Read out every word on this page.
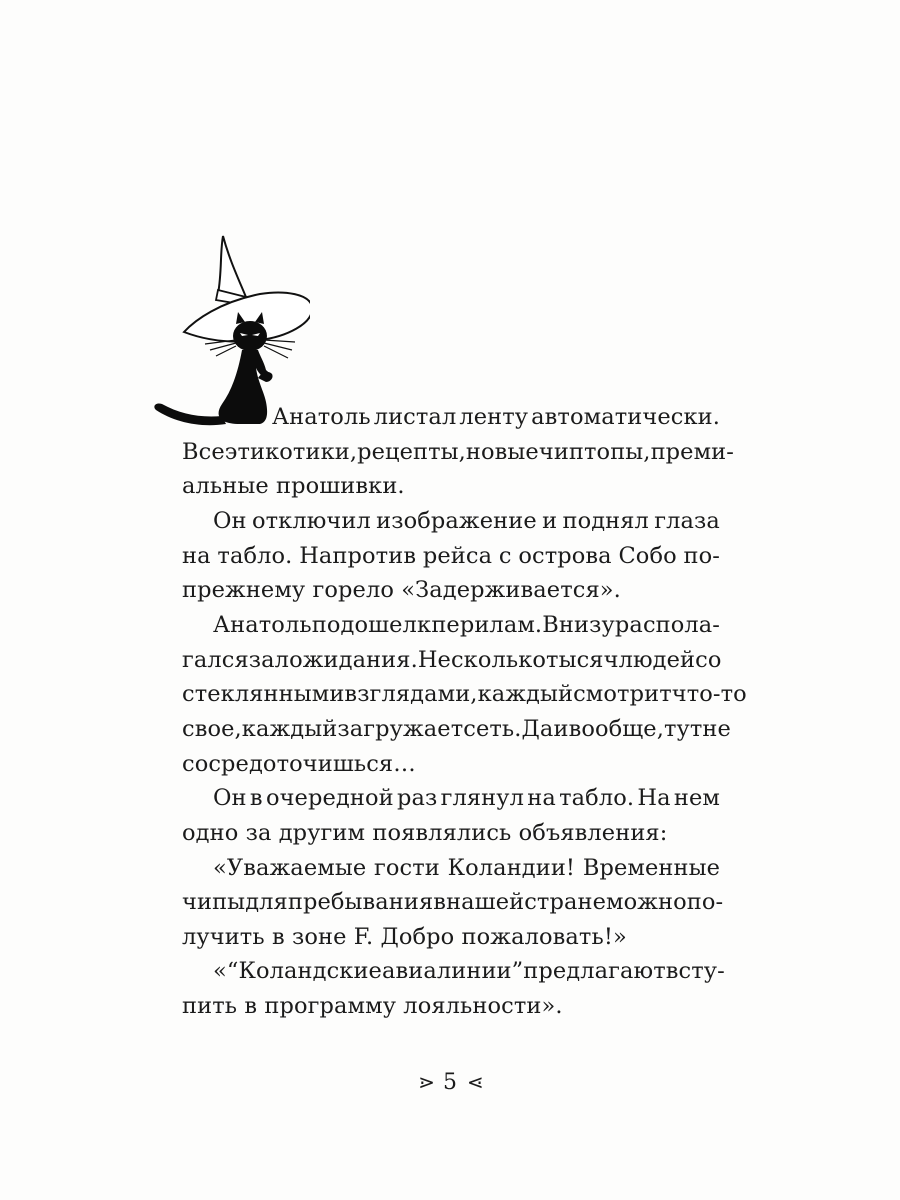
Анатоль листал ленту автоматически.
Все эти котики, рецепты, новые чиптопы, преми-
альные прошивки.
Он отключил изображение и поднял глаза
на табло. Напротив рейса с острова Собо по-
прежнему горело «Задерживается».
Анатоль подошел к перилам. Внизу распола-
гался зал ожидания. Несколько тысяч людей со
стеклянными взглядами, каждый смотрит что-то
свое, каждый загружает сеть. Да и вообще, тут не
сосредоточишься…
Он в очередной раз глянул на табло. На нем
одно за другим появлялись объявления:
«Уважаемые гости Коландии! Временные
чипы для пребывания в нашей стране можно по-
лучить в зоне F. Добро пожаловать!»
«“Коландские авиалинии” предлагают всту-
пить в программу лояльности».
⋗ 5 ⋖
